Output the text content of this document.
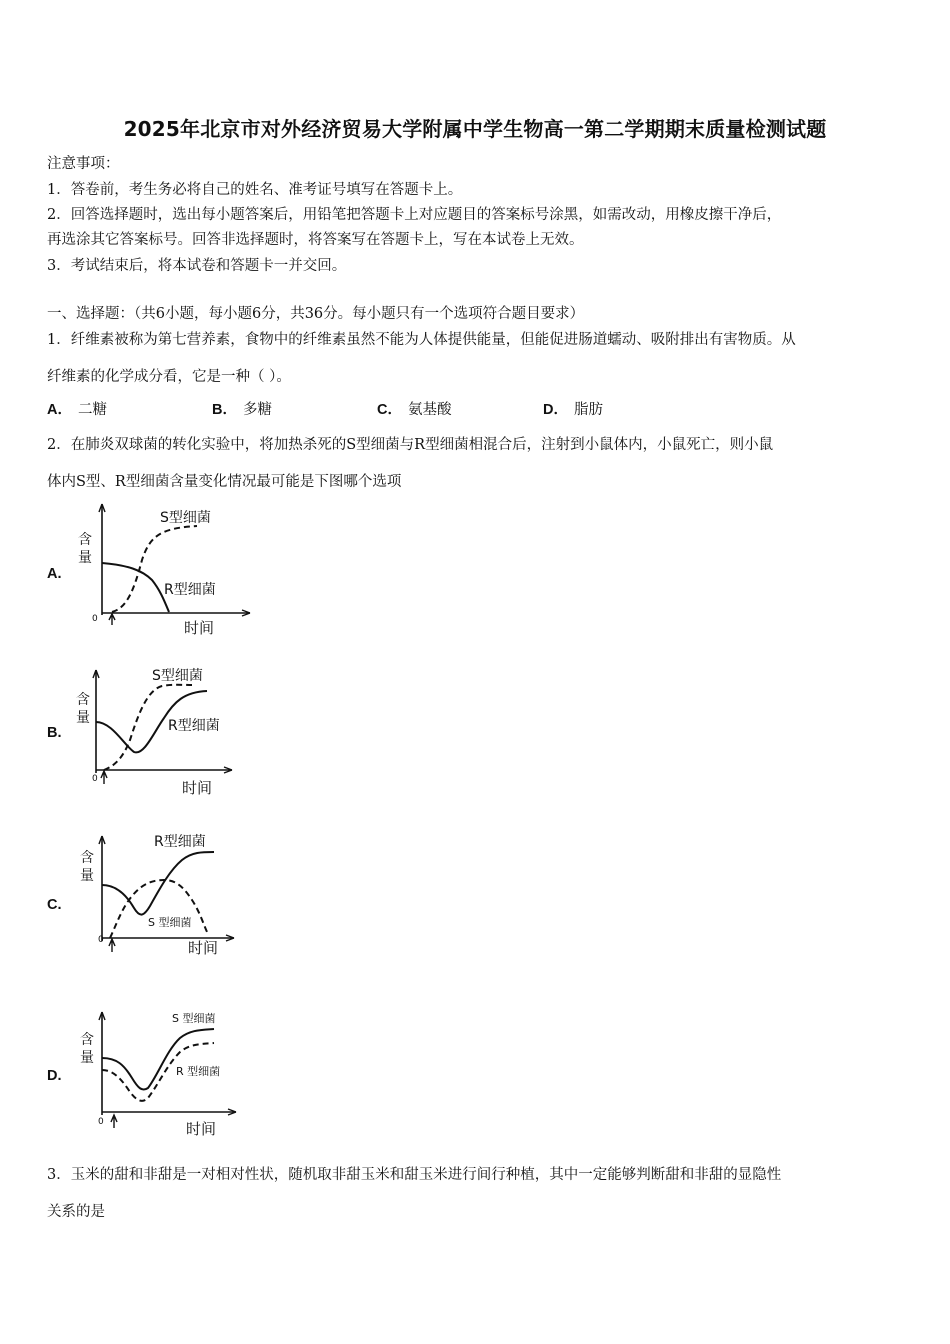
2025年北京市对外经济贸易大学附属中学生物高一第二学期期末质量检测试题
注意事项：
1．答卷前，考生务必将自己的姓名、准考证号填写在答题卡上。
2．回答选择题时，选出每小题答案后，用铅笔把答题卡上对应题目的答案标号涂黑，如需改动，用橡皮擦干净后，
再选涂其它答案标号。回答非选择题时，将答案写在答题卡上，写在本试卷上无效。
3．考试结束后，将本试卷和答题卡一并交回。
一、选择题：（共6小题，每小题6分，共36分。每小题只有一个选项符合题目要求）
1．纤维素被称为第七营养素，食物中的纤维素虽然不能为人体提供能量，但能促进肠道蠕动、吸附排出有害物质。从
纤维素的化学成分看，它是一种（ ）。
A． 二糖	B． 多糖	C． 氨基酸	D． 脂肪
2．在肺炎双球菌的转化实验中，将加热杀死的S型细菌与R型细菌相混合后，注射到小鼠体内，小鼠死亡，则小鼠
体内S型、R型细菌含量变化情况最可能是下图哪个选项
A.
含
量
0	时间
S型细菌
R型细菌
B.
含
量
0	时间
S型细菌
R型细菌
C.
含
量
0	时间
R型细菌
S 型细菌
D.
含
量
0	时间
S 型细菌
R 型细菌
3．玉米的甜和非甜是一对相对性状，随机取非甜玉米和甜玉米进行间行种植，其中一定能够判断甜和非甜的显隐性
关系的是
